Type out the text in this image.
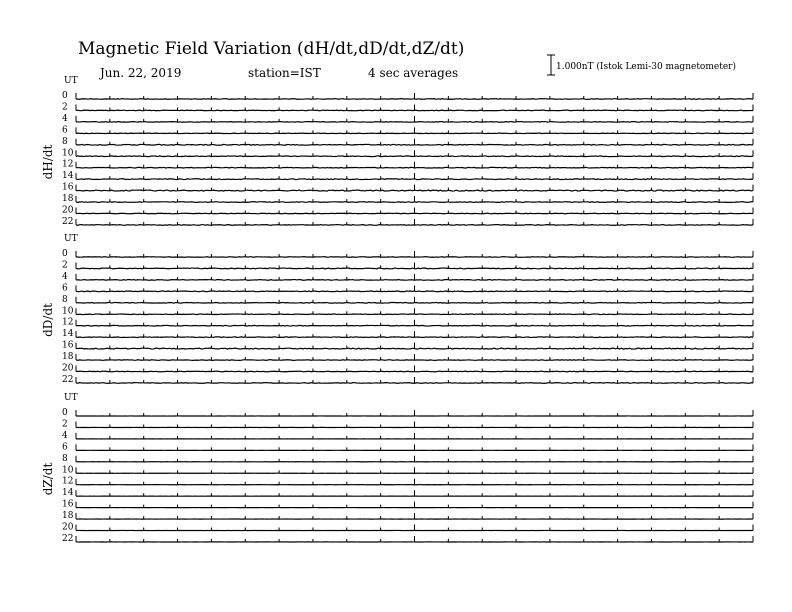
Magnetic Field Variation (dH/dt,dD/dt,dZ/dt)
Jun. 22, 2019	station=IST	4 sec averages	1.000nT (Istok Lemi-30 magnetometer)
UT
dH/dt
0
2
4
6
8
10
12
14
16
18
20
22
UT
dD/dt
0
2
4
6
8
10
12
14
16
18
20
22
UT
dZ/dt
0
2
4
6
8
10
12
14
16
18
20
22
